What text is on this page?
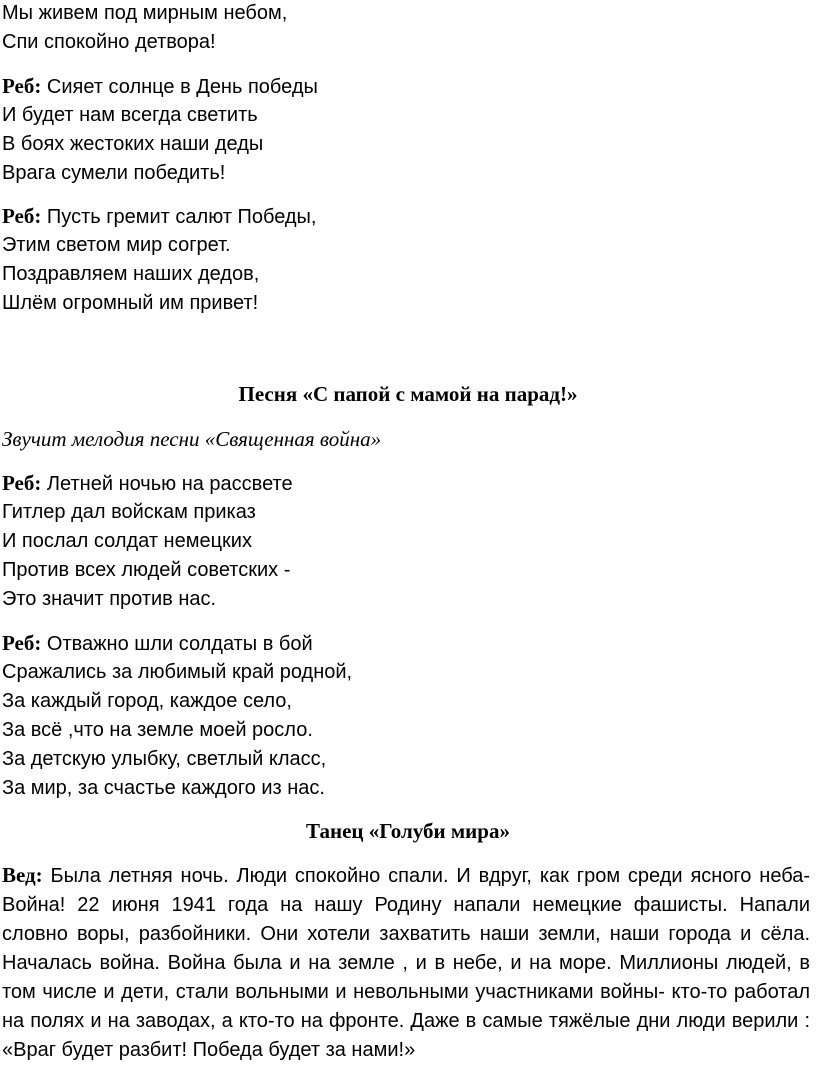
Мы живем под мирным небом,
Спи спокойно детвора!
Реб: Сияет солнце в День победы
И будет нам всегда светить
В боях жестоких наши деды
Врага сумели победить!
Реб: Пусть гремит салют Победы,
Этим светом мир согрет.
Поздравляем наших дедов,
Шлём огромный им привет!
Песня «С папой с мамой на парад!»
Звучит мелодия песни «Священная война»
Реб: Летней ночью на рассвете
Гитлер дал войскам приказ
И послал солдат немецких
Против всех людей советских -
Это значит против нас.
Реб: Отважно шли солдаты в бой
Сражались за любимый край родной,
За каждый город, каждое село,
За всё ,что на земле моей росло.
За детскую улыбку, светлый класс,
За мир, за счастье каждого из нас.
Танец «Голуби мира»
Вед: Была летняя ночь. Люди спокойно спали. И вдруг, как гром среди ясного неба- Война! 22 июня 1941 года на нашу Родину напали немецкие фашисты. Напали словно воры, разбойники. Они хотели захватить наши земли, наши города и сёла. Началась война. Война была и на земле , и в небе, и на море. Миллионы людей, в том числе и дети, стали вольными и невольными участниками войны- кто-то работал на полях и на заводах, а кто-то на фронте. Даже в самые тяжёлые дни люди верили : «Враг будет разбит! Победа будет за нами!»
